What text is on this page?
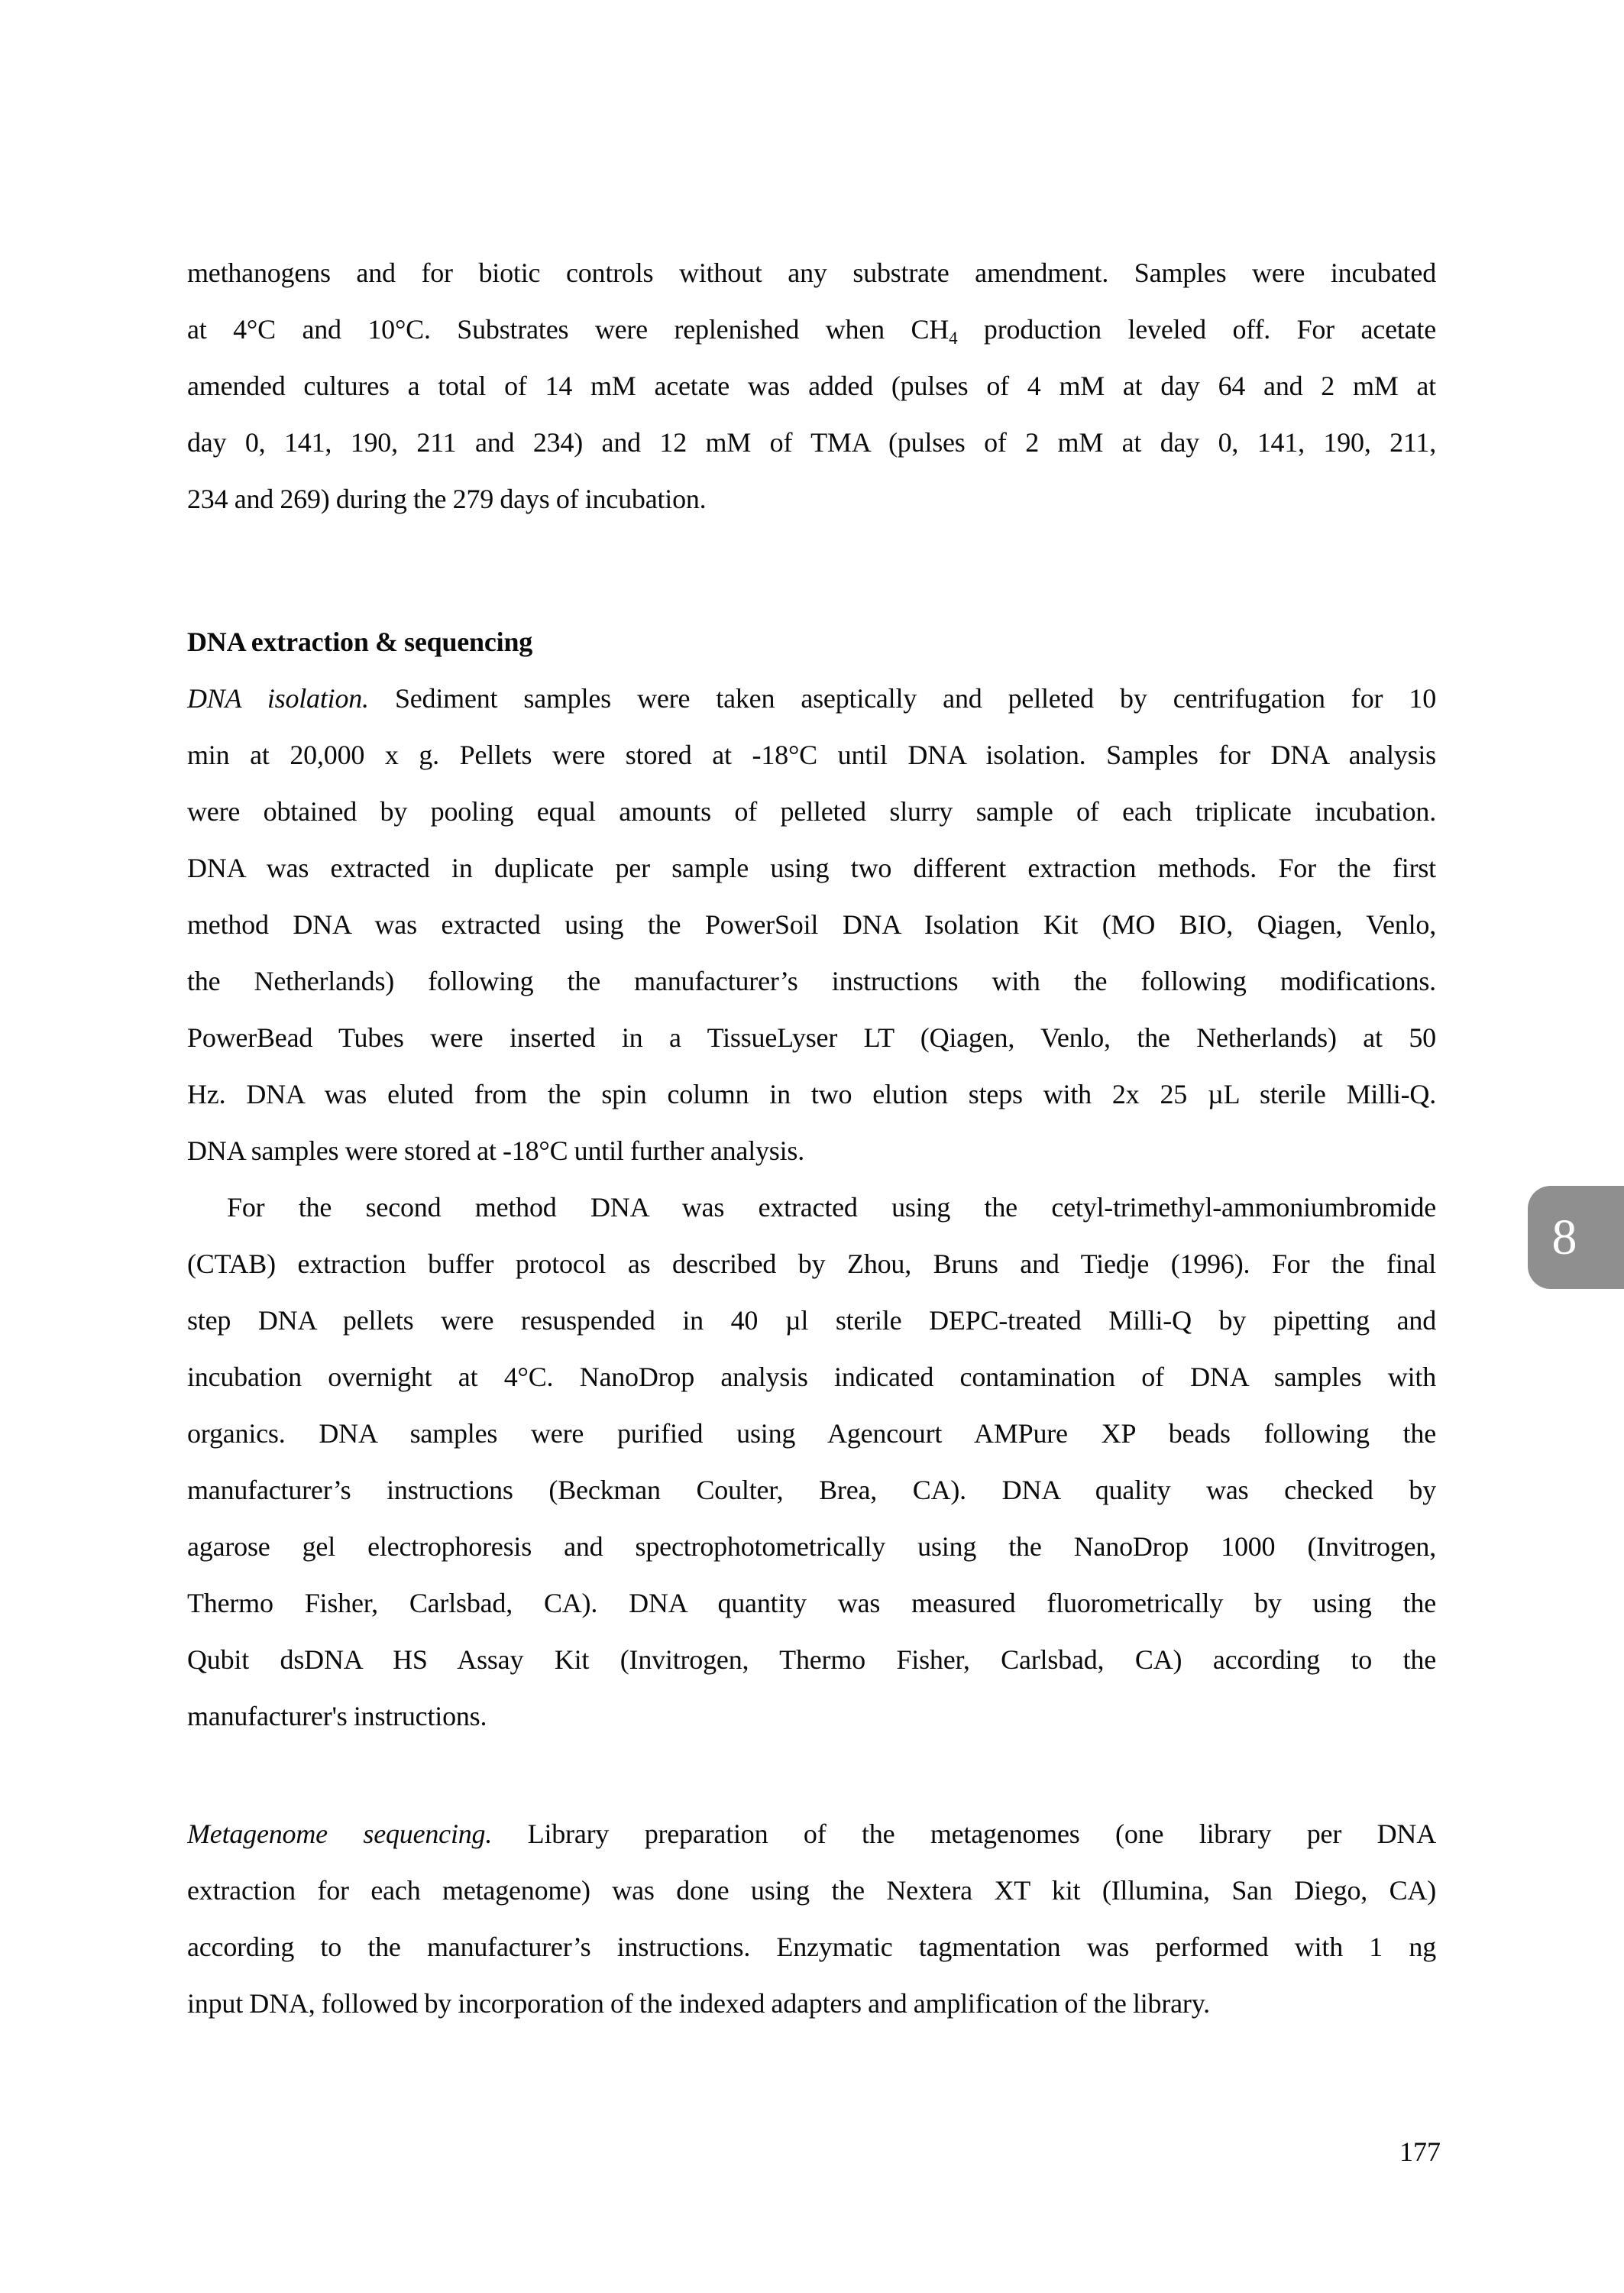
methanogens and for biotic controls without any substrate amendment. Samples were incubated
at 4°C and 10°C. Substrates were replenished when CH4 production leveled off. For acetate
amended cultures a total of 14 mM acetate was added (pulses of 4 mM at day 64 and 2 mM at
day 0, 141, 190, 211 and 234) and 12 mM of TMA (pulses of 2 mM at day 0, 141, 190, 211,
234 and 269) during the 279 days of incubation.
DNA extraction & sequencing
DNA isolation. Sediment samples were taken aseptically and pelleted by centrifugation for 10
min at 20,000 x g. Pellets were stored at -18°C until DNA isolation. Samples for DNA analysis
were obtained by pooling equal amounts of pelleted slurry sample of each triplicate incubation.
DNA was extracted in duplicate per sample using two different extraction methods. For the first
method DNA was extracted using the PowerSoil DNA Isolation Kit (MO BIO, Qiagen, Venlo,
the Netherlands) following the manufacturer’s instructions with the following modifications.
PowerBead Tubes were inserted in a TissueLyser LT (Qiagen, Venlo, the Netherlands) at 50
Hz. DNA was eluted from the spin column in two elution steps with 2x 25 µL sterile Milli-Q.
DNA samples were stored at -18°C until further analysis.
For the second method DNA was extracted using the cetyl-trimethyl-ammoniumbromide
(CTAB) extraction buffer protocol as described by Zhou, Bruns and Tiedje (1996). For the final
step DNA pellets were resuspended in 40 µl sterile DEPC-treated Milli-Q by pipetting and
incubation overnight at 4°C. NanoDrop analysis indicated contamination of DNA samples with
organics. DNA samples were purified using Agencourt AMPure XP beads following the
manufacturer’s instructions (Beckman Coulter, Brea, CA). DNA quality was checked by
agarose gel electrophoresis and spectrophotometrically using the NanoDrop 1000 (Invitrogen,
Thermo Fisher, Carlsbad, CA). DNA quantity was measured fluorometrically by using the
Qubit dsDNA HS Assay Kit (Invitrogen, Thermo Fisher, Carlsbad, CA) according to the
manufacturer's instructions.
Metagenome sequencing. Library preparation of the metagenomes (one library per DNA
extraction for each metagenome) was done using the Nextera XT kit (Illumina, San Diego, CA)
according to the manufacturer’s instructions. Enzymatic tagmentation was performed with 1 ng
input DNA, followed by incorporation of the indexed adapters and amplification of the library.
8
177
